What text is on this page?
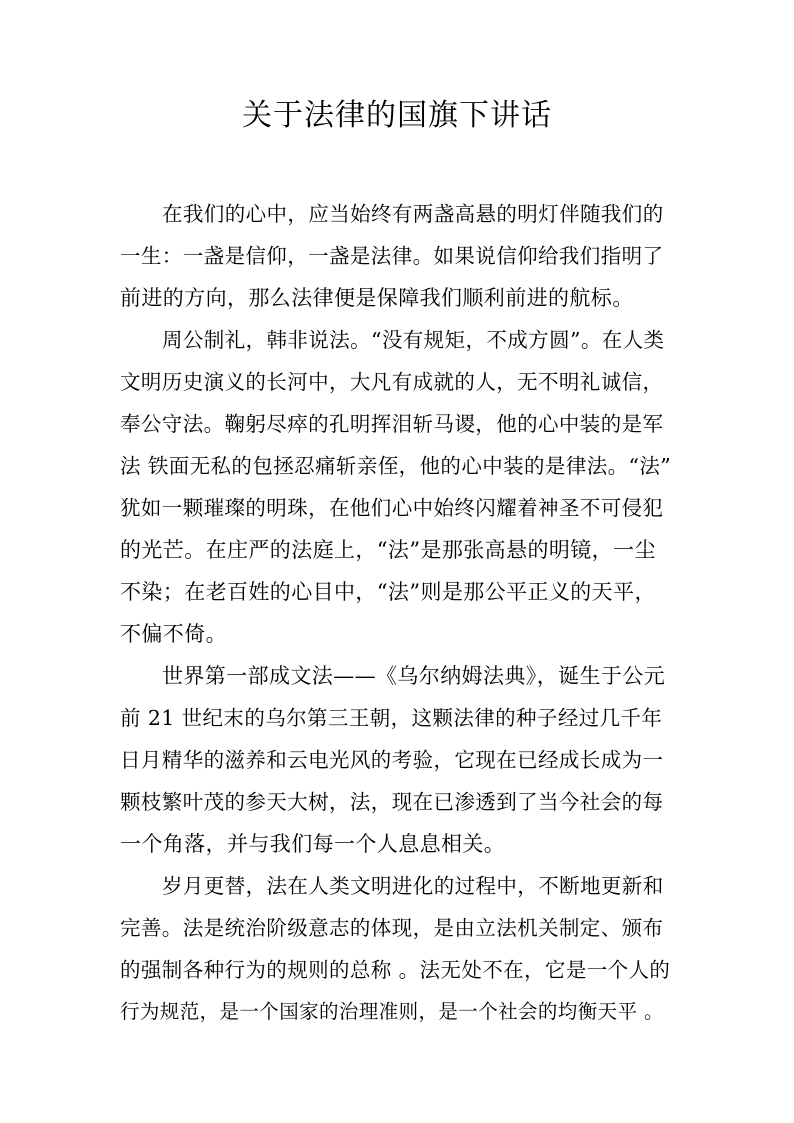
关于法律的国旗下讲话
在我们的心中，应当始终有两盏高悬的明灯伴随我们的
一生：一盏是信仰，一盏是法律。如果说信仰给我们指明了
前进的方向，那么法律便是保障我们顺利前进的航标。
周公制礼，韩非说法。“没有规矩，不成方圆”。在人类
文明历史演义的长河中，大凡有成就的人，无不明礼诚信，
奉公守法。鞠躬尽瘁的孔明挥泪斩马谡，他的心中装的是军
法 铁面无私的包拯忍痛斩亲侄，他的心中装的是律法。“法”
犹如一颗璀璨的明珠，在他们心中始终闪耀着神圣不可侵犯
的光芒。在庄严的法庭上，“法”是那张高悬的明镜，一尘
不染；在老百姓的心目中，“法”则是那公平正义的天平，
不偏不倚。
世界第一部成文法——《乌尔纳姆法典》，诞生于公元
前 21 世纪末的乌尔第三王朝，这颗法律的种子经过几千年
日月精华的滋养和云电光风的考验，它现在已经成长成为一
颗枝繁叶茂的参天大树，法，现在已渗透到了当今社会的每
一个角落，并与我们每一个人息息相关。
岁月更替，法在人类文明进化的过程中，不断地更新和
完善。法是统治阶级意志的体现，是由立法机关制定、颁布
的强制各种行为的规则的总称 。法无处不在，它是一个人的
行为规范，是一个国家的治理准则，是一个社会的均衡天平 。
